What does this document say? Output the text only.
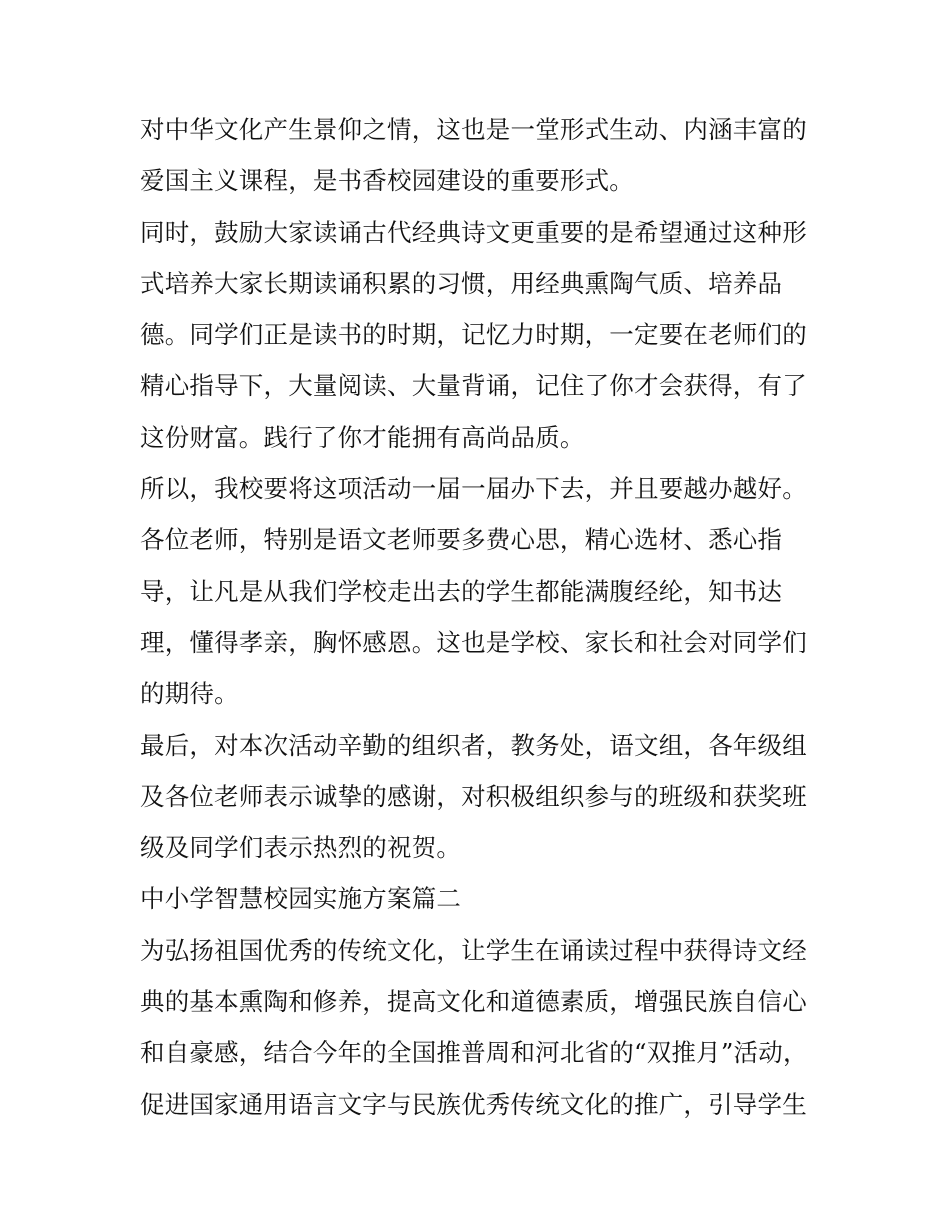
对中华文化产生景仰之情，这也是一堂形式生动、内涵丰富的
爱国主义课程，是书香校园建设的重要形式。
同时，鼓励大家读诵古代经典诗文更重要的是希望通过这种形
式培养大家长期读诵积累的习惯，用经典熏陶气质、培养品
德。同学们正是读书的时期，记忆力时期，一定要在老师们的
精心指导下，大量阅读、大量背诵，记住了你才会获得，有了
这份财富。践行了你才能拥有高尚品质。
所以，我校要将这项活动一届一届办下去，并且要越办越好。
各位老师，特别是语文老师要多费心思，精心选材、悉心指
导，让凡是从我们学校走出去的学生都能满腹经纶，知书达
理，懂得孝亲，胸怀感恩。这也是学校、家长和社会对同学们
的期待。
最后，对本次活动辛勤的组织者，教务处，语文组，各年级组
及各位老师表示诚挚的感谢，对积极组织参与的班级和获奖班
级及同学们表示热烈的祝贺。
中小学智慧校园实施方案篇二
为弘扬祖国优秀的传统文化，让学生在诵读过程中获得诗文经
典的基本熏陶和修养，提高文化和道德素质，增强民族自信心
和自豪感，结合今年的全国推普周和河北省的“双推月”活动，
促进国家通用语言文字与民族优秀传统文化的推广，引导学生
